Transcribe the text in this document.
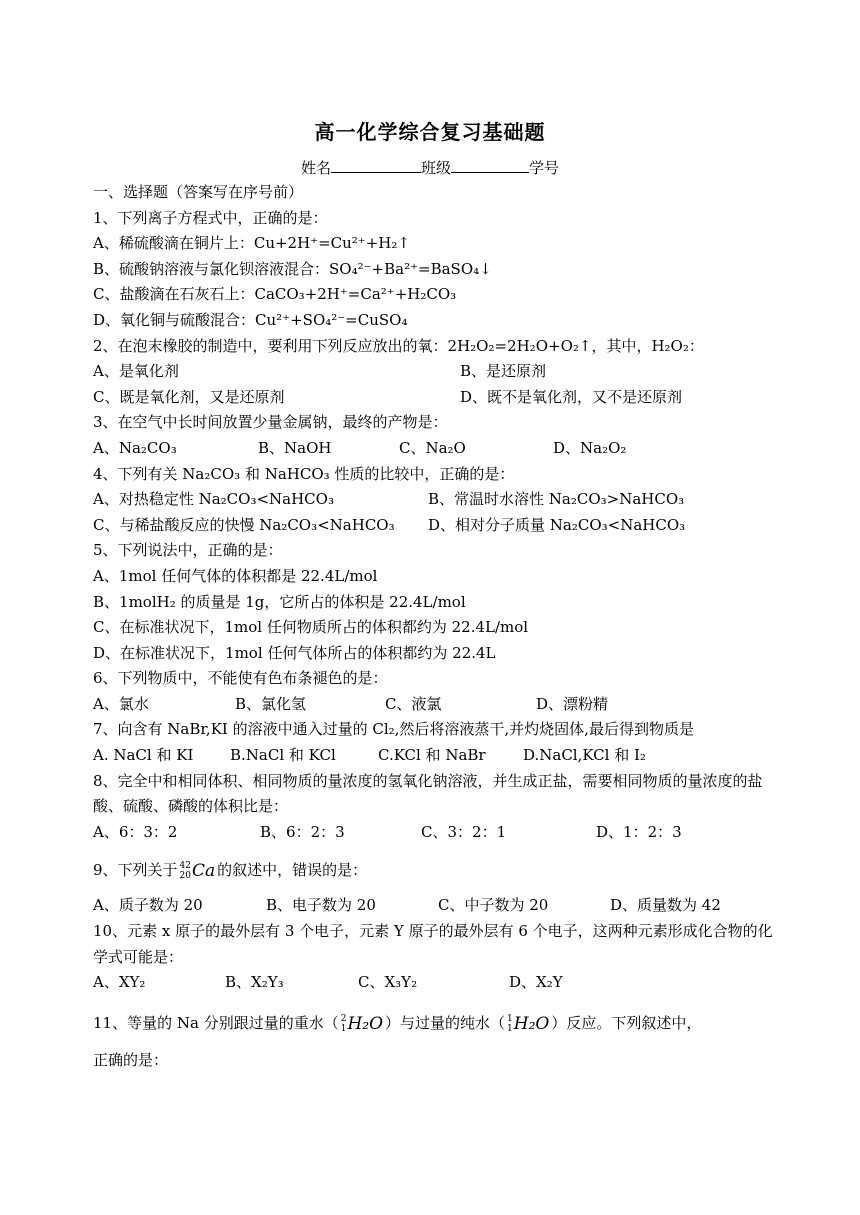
高一化学综合复习基础题
姓名	班级	学号
一、选择题（答案写在序号前）
1、下列离子方程式中，正确的是：
A、稀硫酸滴在铜片上：Cu+2H⁺=Cu²⁺+H₂↑
B、硫酸钠溶液与氯化钡溶液混合：SO₄²⁻+Ba²⁺=BaSO₄↓
C、盐酸滴在石灰石上：CaCO₃+2H⁺=Ca²⁺+H₂CO₃
D、氧化铜与硫酸混合：Cu²⁺+SO₄²⁻=CuSO₄
2、在泡末橡胶的制造中，要利用下列反应放出的氧：2H₂O₂=2H₂O+O₂↑，其中，H₂O₂：
A、是氧化剂	B、是还原剂
C、既是氧化剂，又是还原剂	D、既不是氧化剂，又不是还原剂
3、在空气中长时间放置少量金属钠，最终的产物是：
A、Na₂CO₃	B、NaOH	C、Na₂O	D、Na₂O₂
4、下列有关 Na₂CO₃ 和 NaHCO₃ 性质的比较中，正确的是：
A、对热稳定性 Na₂CO₃<NaHCO₃	B、常温时水溶性 Na₂CO₃>NaHCO₃
C、与稀盐酸反应的快慢 Na₂CO₃<NaHCO₃ D、相对分子质量 Na₂CO₃<NaHCO₃
5、下列说法中，正确的是：
A、1mol 任何气体的体积都是 22.4L/mol
B、1molH₂ 的质量是 1g，它所占的体积是 22.4L/mol
C、在标准状况下，1mol 任何物质所占的体积都约为 22.4L/mol
D、在标准状况下，1mol 任何气体所占的体积都约为 22.4L
6、下列物质中，不能使有色布条褪色的是：
A、氯水	B、氯化氢	C、液氯	D、漂粉精
7、向含有 NaBr,KI 的溶液中通入过量的 Cl₂,然后将溶液蒸干,并灼烧固体,最后得到物质是
A. NaCl 和 KI B.NaCl 和 KCl	C.KCl 和 NaBr D.NaCl,KCl 和 I₂
8、完全中和相同体积、相同物质的量浓度的氢氧化钠溶液，并生成正盐，需要相同物质的量浓度的盐酸、硫酸、磷酸的体积比是：
A、6：3：2	B、6：2：3	C、3：2：1	D、1：2：3
9、下列关于 42
20 Ca 的叙述中，错误的是：
A、质子数为 20	B、电子数为 20	C、中子数为 20	D、质量数为 42
10、元素 x 原子的最外层有 3 个电子，元素 Y 原子的最外层有 6 个电子，这两种元素形成化合物的化学式可能是：
A、XY₂	B、X₂Y₃	C、X₃Y₂	D、X₂Y
11、等量的 Na 分别跟过量的重水（ 2
1 H₂O ）与过量的纯水（ 1
1 H₂O ）反应。下列叙述中，
正确的是：
